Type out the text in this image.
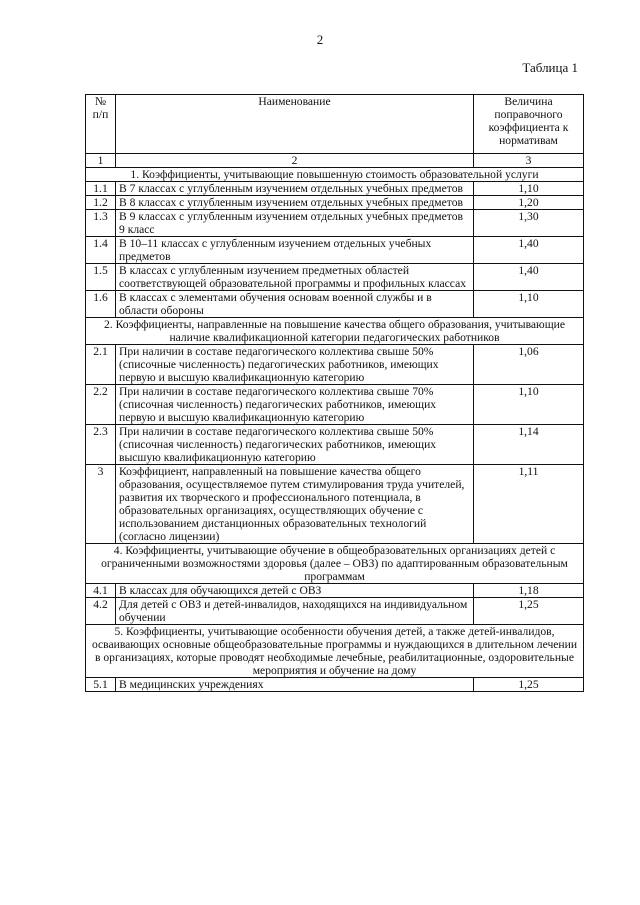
2
Таблица 1
№ п/п	Наименование	Величина поправочного коэффициента к нормативам
1	2	3
1. Коэффициенты, учитывающие повышенную стоимость образовательной услуги		
1.1	В 7 классах с углубленным изучением отдельных учебных предметов	1,10
1.2	В 8 классах с углубленным изучением отдельных учебных предметов	1,20
1.3	В 9 классах с углубленным изучением отдельных учебных предметов 9 класс	1,30
1.4	В 10–11 классах с углубленным изучением отдельных учебных предметов	1,40
1.5	В классах с углубленным изучением предметных областей соответствующей образовательной программы и профильных классах	1,40
1.6	В классах с элементами обучения основам военной службы и в области обороны	1,10
2. Коэффициенты, направленные на повышение качества общего образования, учитывающие наличие квалификационной категории педагогических работников		
2.1	При наличии в составе педагогического коллектива свыше 50% (списочные численность) педагогических работников, имеющих первую и высшую квалификационную категорию	1,06
2.2	При наличии в составе педагогического коллектива свыше 70% (списочная численность) педагогических работников, имеющих первую и высшую квалификационную категорию	1,10
2.3	При наличии в составе педагогического коллектива свыше 50% (списочная численность) педагогических работников, имеющих высшую квалификационную категорию	1,14
3	Коэффициент, направленный на повышение качества общего образования, осуществляемое путем стимулирования труда учителей, развития их творческого и профессионального потенциала, в образовательных организациях, осуществляющих обучение с использованием дистанционных образовательных технологий (согласно лицензии)	1,11
4. Коэффициенты, учитывающие обучение в общеобразовательных организациях детей с ограниченными возможностями здоровья (далее – ОВЗ) по адаптированным образовательным программам		
4.1	В классах для обучающихся детей с ОВЗ	1,18
4.2	Для детей с ОВЗ и детей-инвалидов, находящихся на индивидуальном обучении	1,25
5. Коэффициенты, учитывающие особенности обучения детей, а также детей-инвалидов, осваивающих основные общеобразовательные программы и нуждающихся в длительном лечении в организациях, которые проводят необходимые лечебные, реабилитационные, оздоровительные мероприятия и обучение на дому		
5.1	В медицинских учреждениях	1,25
